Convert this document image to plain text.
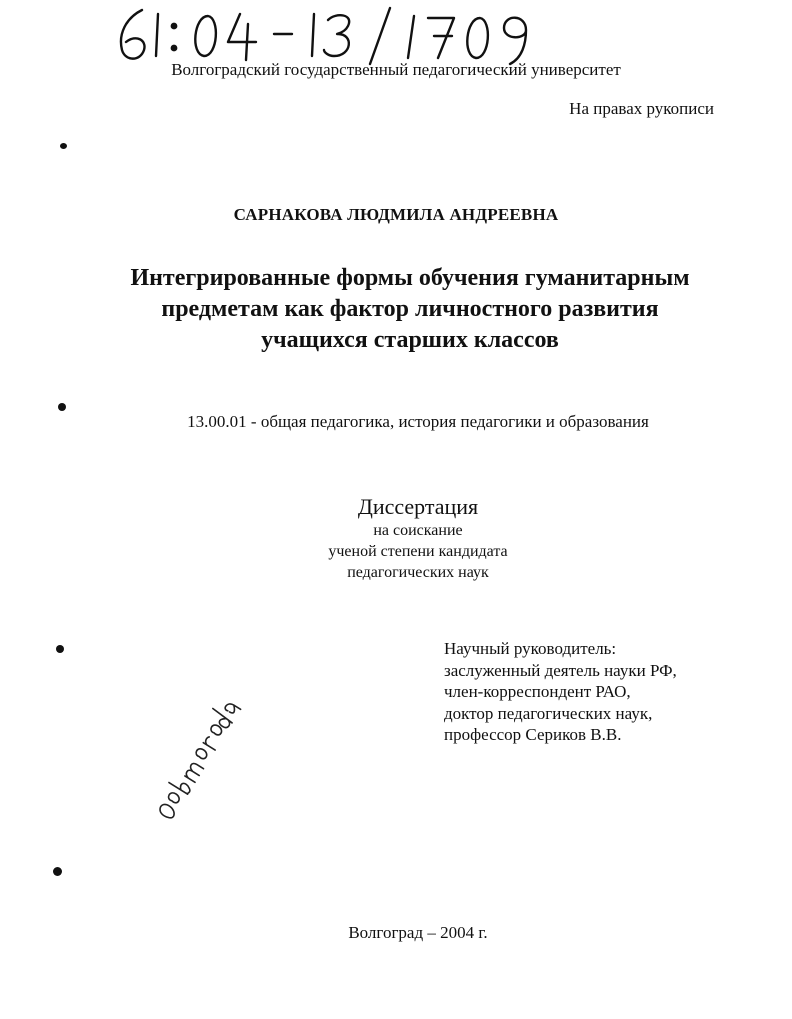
Волгоградский государственный педагогический университет
На правах рукописи
САРНАКОВА ЛЮДМИЛА АНДРЕЕВНА
Интегрированные формы обучения гуманитарным
предметам как фактор личностного развития
учащихся старших классов
13.00.01 - общая педагогика, история педагогики и образования
Диссертация
на соискание
ученой степени кандидата
педагогических наук
Научный руководитель:
заслуженный деятель науки РФ,
член-корреспондент РАО,
доктор педагогических наук,
профессор Сериков В.В.
Волгоград – 2004 г.
